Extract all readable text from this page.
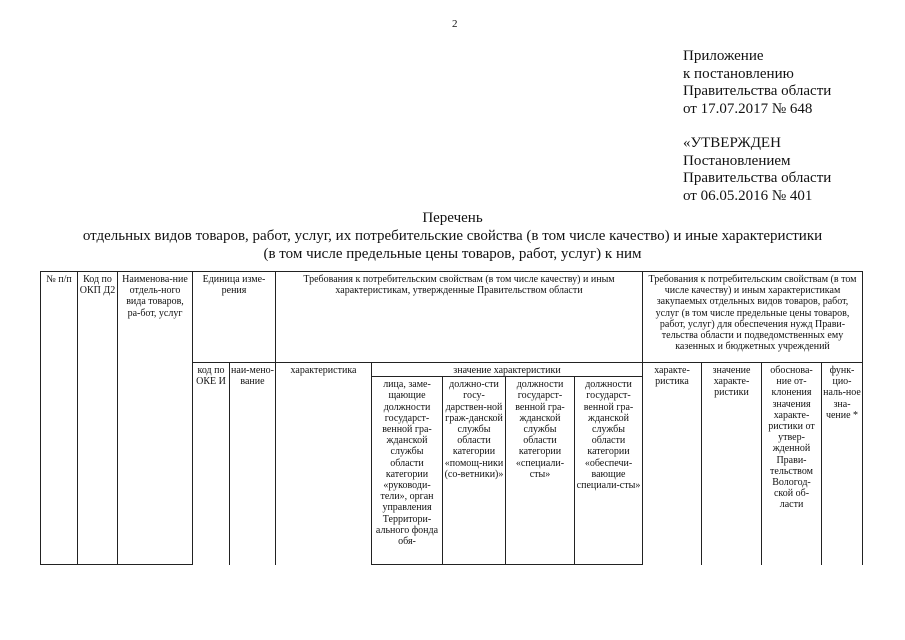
2
Приложение
к постановлению
Правительства области
от 17.07.2017 № 648
«УТВЕРЖДЕН
Постановлением
Правительства области
от 06.05.2016 № 401
Перечень
отдельных видов товаров, работ, услуг, их потребительские свойства (в том числе качество) и иные характеристики
(в том числе предельные цены товаров, работ, услуг) к ним
№ п/п	Код по ОКП Д2	Наименова-ние отдель-ного вида товаров, ра-бот, услуг	Единица изме-рения		Требования к потребительским свойствам (в том числе качеству) и иным характеристикам, утвержденные Правительством области					Требования к потребительским свойствам (в том числе качеству) и иным характеристикам закупаемых отдельных видов товаров, работ, услуг (в том числе предельные цены товаров, работ, услуг) для обеспечения нужд Прави-тельства области и подведомственных ему казенных и бюджетных учреждений			
			код по ОКЕ И	наи-мено-вание	характеристика	значение характеристики				характе-ристика	значение характе-ристики	обоснова-ние от-клонения значения характе-ристики от утвер-жденной Прави-тельством Вологод-ской об-ласти	функ-цио-наль-ное зна-чение *
						лица, заме-щающие должности государст-венной гра-жданской службы области категории «руководи-тели», орган управления Территори-ального фонда обя-	должно-сти госу-дарствен-ной граж-данской службы области категории «помощ-ники (со-ветники)»	должности государст-венной гра-жданской службы области категории «специали-сты»	должности государст-венной гра-жданской службы области категории «обеспечи-вающие специали-сты»				
